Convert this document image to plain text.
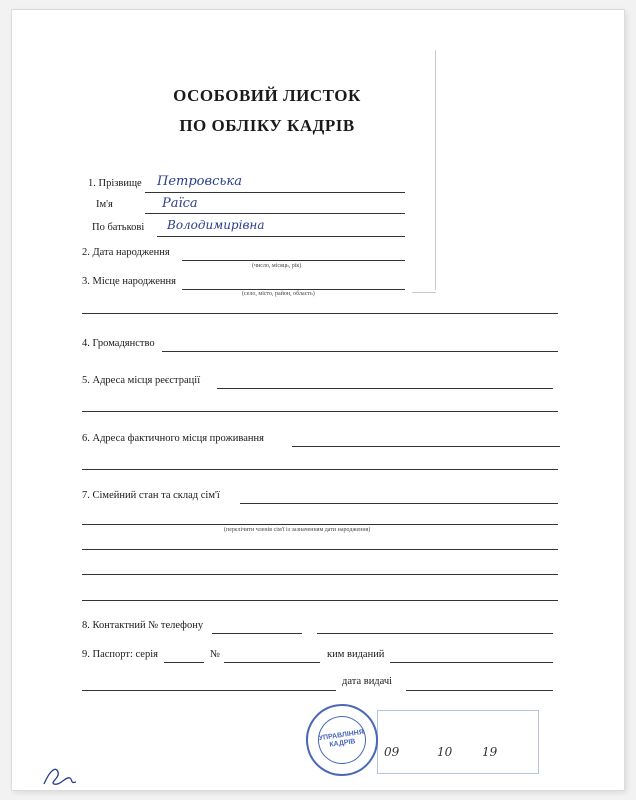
ОСОБОВИЙ ЛИСТОК
ПО ОБЛІКУ КАДРІВ
1. Прізвище Петровська
Ім'я	Раїса
По батькові Володимирівна
2. Дата народження
(число, місяць, рік)
3. Місце народження
(село, місто, район, область)
4. Громадянство
5. Адреса місця реєстрації
6. Адреса фактичного місця проживання
7. Сімейний стан та склад сім'ї
(перелічити членів сім'ї із зазначенням дати народження)
8. Контактний № телефону
9. Паспорт: серія	№	ким виданий
дата видачі
09	10 19
УПРАВЛІННЯ КАДРІВ
